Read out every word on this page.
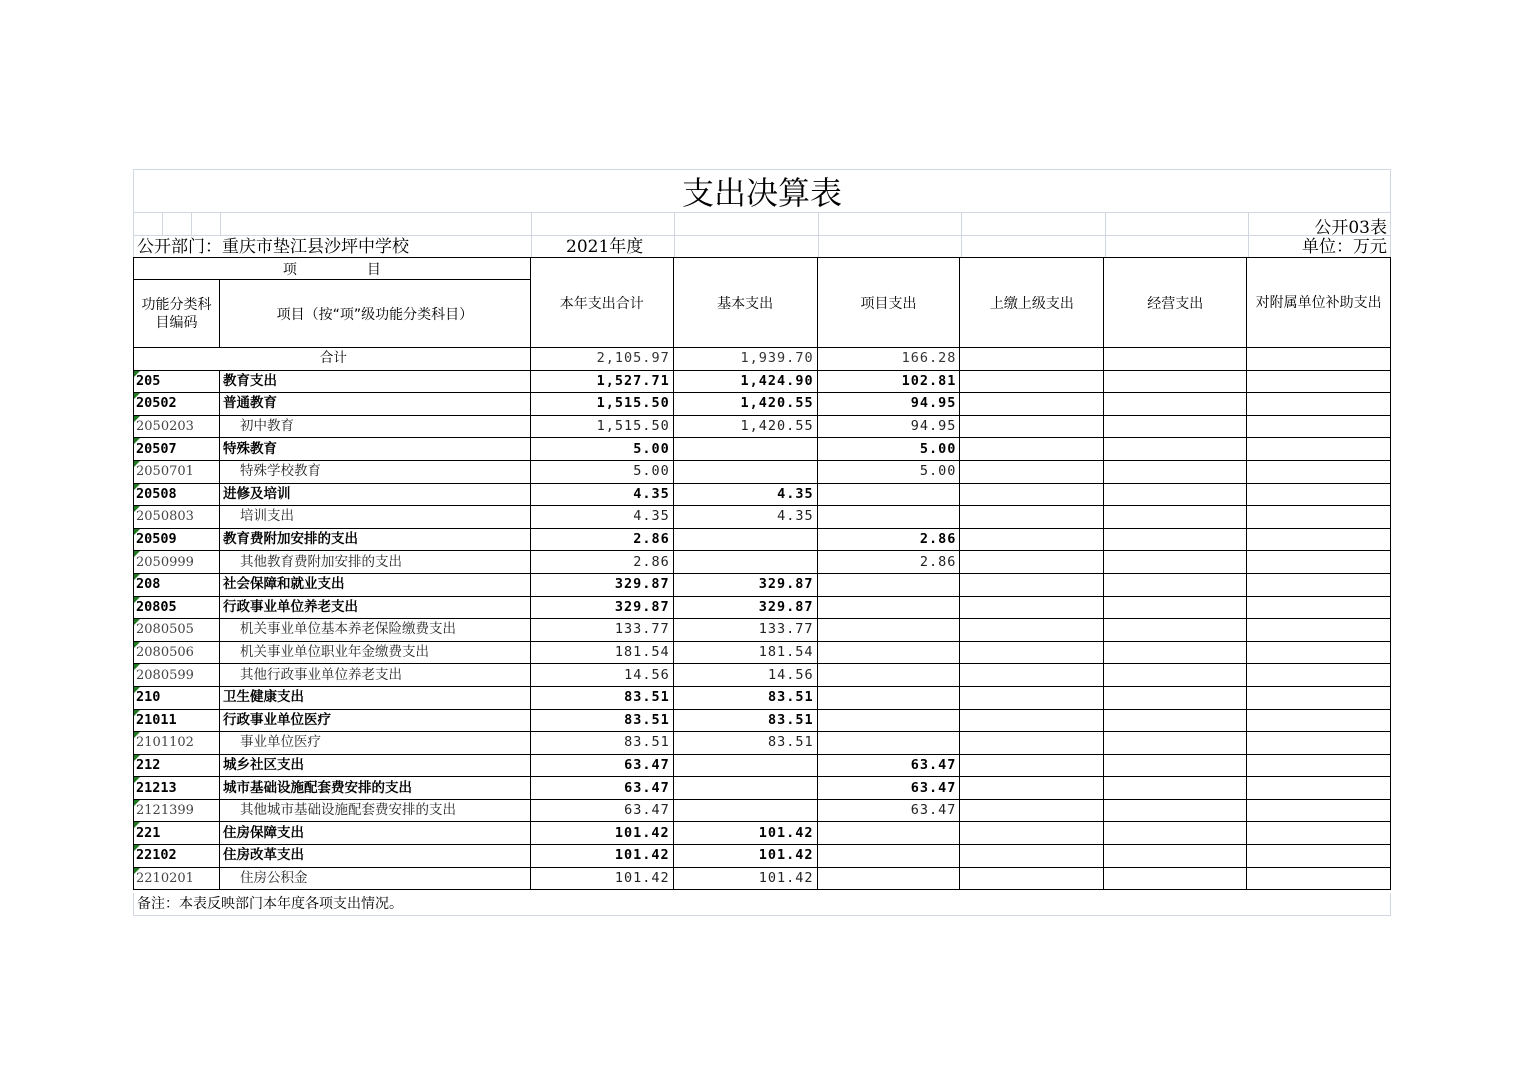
支出决算表
公开03表
公开部门：重庆市垫江县沙坪中学校	2021年度	单位：万元
项　　　　　目		本年支出合计	基本支出	项目支出	上缴上级支出	经营支出	对附属单位补助支出
功能分类科目编码	项目（按“项”级功能分类科目）						
合计		2,105.97	1,939.70	166.28			
205	教育支出	1,527.71	1,424.90	102.81			
20502	普通教育	1,515.50	1,420.55	94.95			
2050203	初中教育	1,515.50	1,420.55	94.95			
20507	特殊教育	5.00		5.00			
2050701	特殊学校教育	5.00		5.00			
20508	进修及培训	4.35	4.35				
2050803	培训支出	4.35	4.35				
20509	教育费附加安排的支出	2.86		2.86			
2050999	其他教育费附加安排的支出	2.86		2.86			
208	社会保障和就业支出	329.87	329.87				
20805	行政事业单位养老支出	329.87	329.87				
2080505	机关事业单位基本养老保险缴费支出	133.77	133.77				
2080506	机关事业单位职业年金缴费支出	181.54	181.54				
2080599	其他行政事业单位养老支出	14.56	14.56				
210	卫生健康支出	83.51	83.51				
21011	行政事业单位医疗	83.51	83.51				
2101102	事业单位医疗	83.51	83.51				
212	城乡社区支出	63.47		63.47			
21213	城市基础设施配套费安排的支出	63.47		63.47			
2121399	其他城市基础设施配套费安排的支出	63.47		63.47			
221	住房保障支出	101.42	101.42				
22102	住房改革支出	101.42	101.42				
2210201	住房公积金	101.42	101.42				
备注：本表反映部门本年度各项支出情况。
